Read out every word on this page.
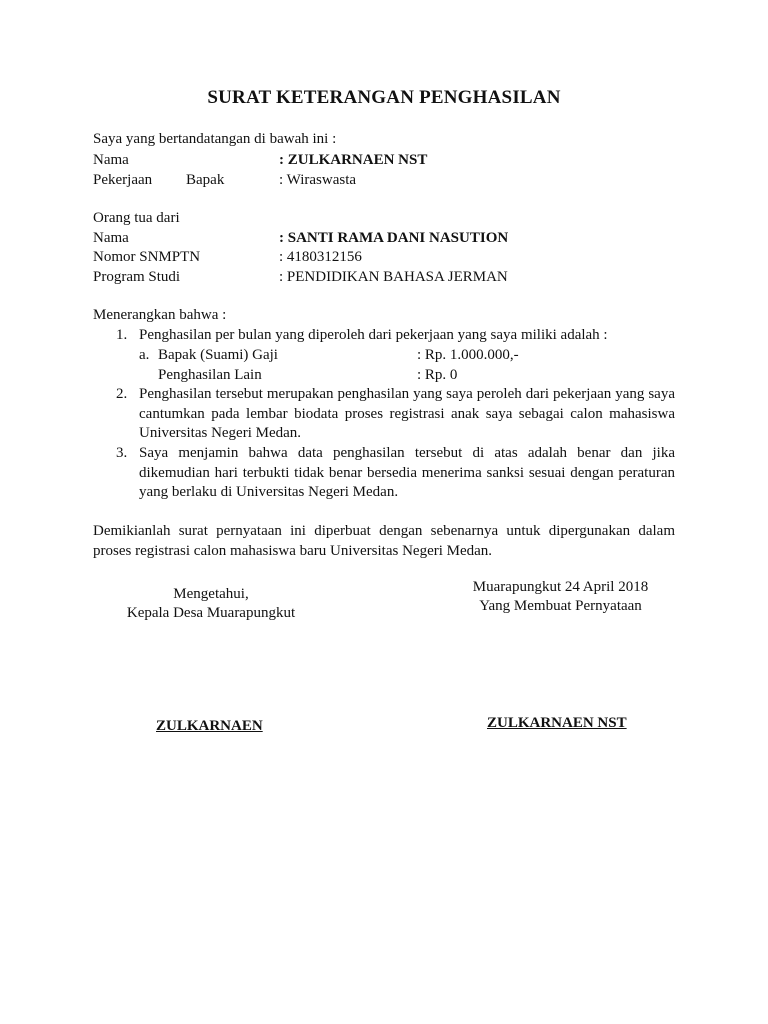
SURAT KETERANGAN PENGHASILAN
Saya yang bertandatangan di bawah ini :
Nama	: ZULKARNAEN NST
Pekerjaan Bapak	: Wiraswasta
Orang tua dari
Nama	: SANTI RAMA DANI NASUTION
Nomor SNMPTN	: 4180312156
Program Studi	: PENDIDIKAN BAHASA JERMAN
Menerangkan bahwa :
1. Penghasilan per bulan yang diperoleh dari pekerjaan yang saya miliki adalah :
a. Bapak (Suami) Gaji	: Rp. 1.000.000,-
Penghasilan Lain	: Rp. 0
2. Penghasilan tersebut merupakan penghasilan yang saya peroleh dari pekerjaan yang saya cantumkan pada lembar biodata proses registrasi anak saya sebagai calon mahasiswa Universitas Negeri Medan.
3. Saya menjamin bahwa data penghasilan tersebut di atas adalah benar dan jika dikemudian hari terbukti tidak benar bersedia menerima sanksi sesuai dengan peraturan yang berlaku di Universitas Negeri Medan.
Demikianlah surat pernyataan ini diperbuat dengan sebenarnya untuk dipergunakan dalam proses registrasi calon mahasiswa baru Universitas Negeri Medan.
Mengetahui,
Kepala Desa Muarapungkut
Muarapungkut 24 April 2018
Yang Membuat Pernyataan
ZULKARNAEN	ZULKARNAEN NST
